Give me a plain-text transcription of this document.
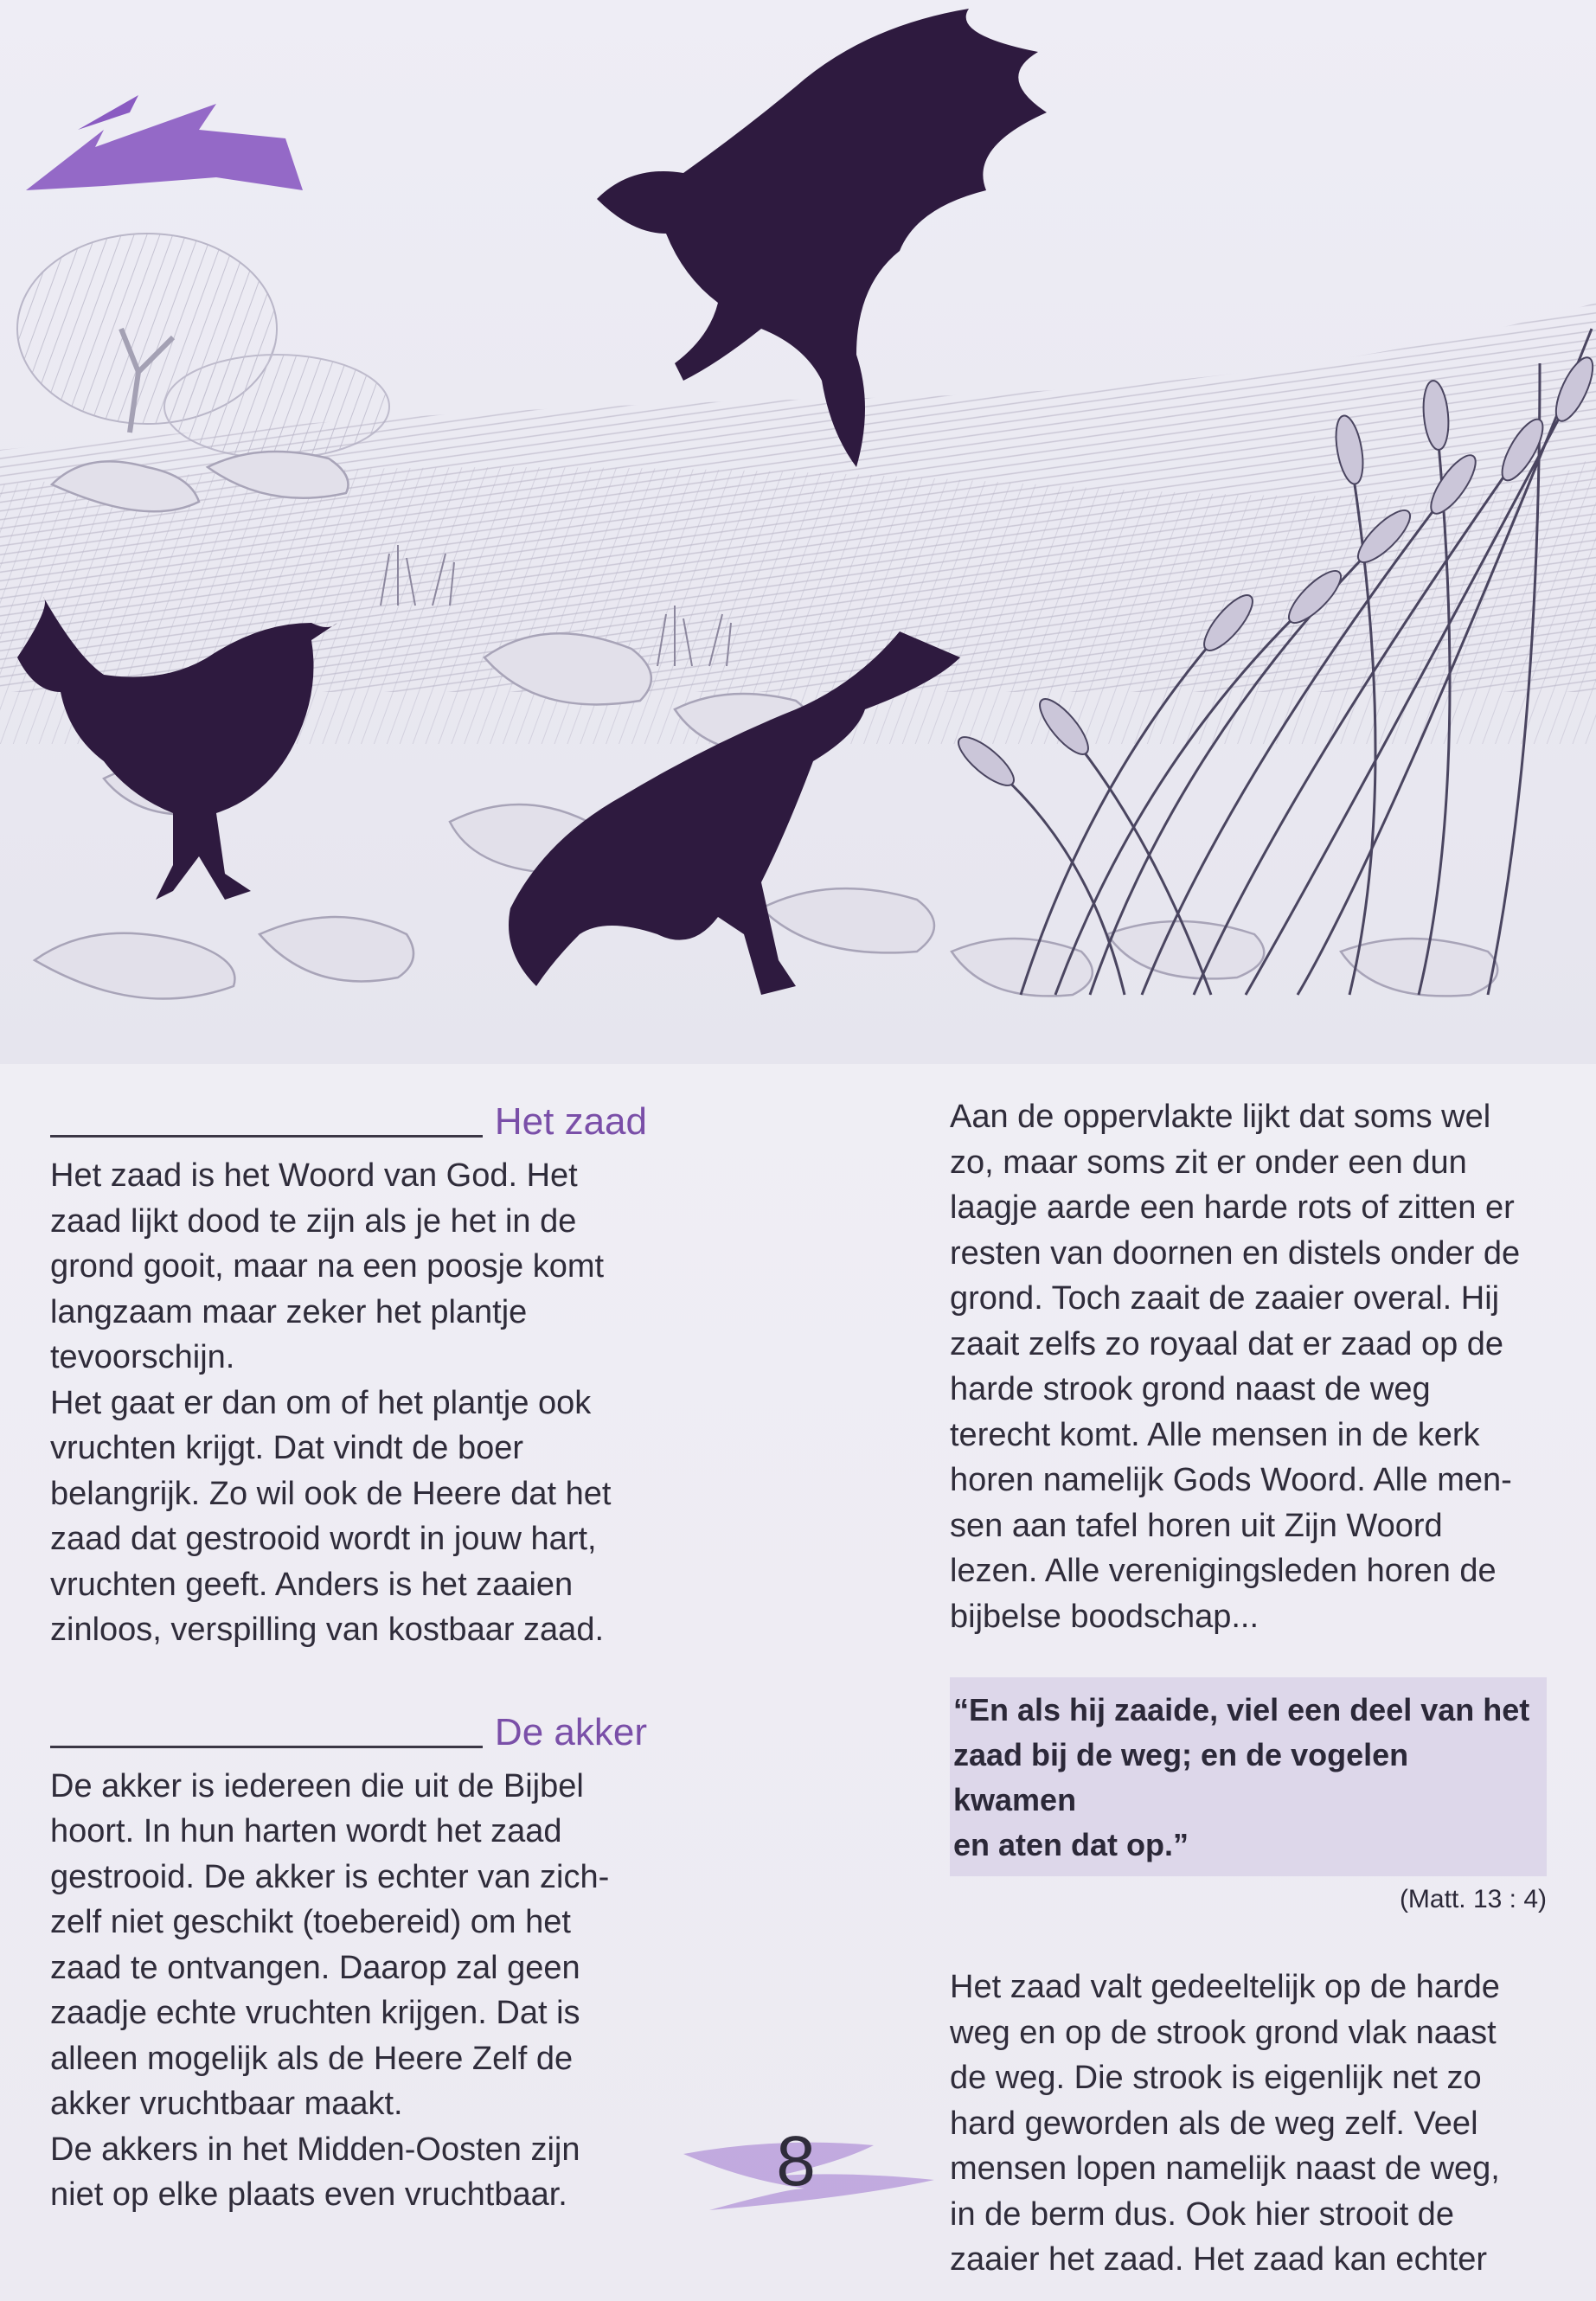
Het zaad

Het zaad is het Woord van God. Het
zaad lijkt dood te zijn als je het in de
grond gooit, maar na een poosje komt
langzaam maar zeker het plantje
tevoorschijn.
Het gaat er dan om of het plantje ook
vruchten krijgt. Dat vindt de boer
belangrijk. Zo wil ook de Heere dat het
zaad dat gestrooid wordt in jouw hart,
vruchten geeft. Anders is het zaaien
zinloos, verspilling van kostbaar zaad.

De akker

De akker is iedereen die uit de Bijbel
hoort. In hun harten wordt het zaad
gestrooid. De akker is echter van zich-
zelf niet geschikt (toebereid) om het
zaad te ontvangen. Daarop zal geen
zaadje echte vruchten krijgen. Dat is
alleen mogelijk als de Heere Zelf de
akker vruchtbaar maakt.
De akkers in het Midden-Oosten zijn
niet op elke plaats even vruchtbaar.

Aan de oppervlakte lijkt dat soms wel
zo, maar soms zit er onder een dun
laagje aarde een harde rots of zitten er
resten van doornen en distels onder de
grond. Toch zaait de zaaier overal. Hij
zaait zelfs zo royaal dat er zaad op de
harde strook grond naast de weg
terecht komt. Alle mensen in de kerk
horen namelijk Gods Woord. Alle men-
sen aan tafel horen uit Zijn Woord
lezen. Alle verenigingsleden horen de
bijbelse boodschap...

“En als hij zaaide, viel een deel van het
zaad bij de weg; en de vogelen kwamen
en aten dat op.”

(Matt. 13 : 4)

Het zaad valt gedeeltelijk op de harde
weg en op de strook grond vlak naast
de weg. Die strook is eigenlijk net zo
hard geworden als de weg zelf. Veel
mensen lopen namelijk naast de weg,
in de berm dus. Ook hier strooit de
zaaier het zaad. Het zaad kan echter

8
